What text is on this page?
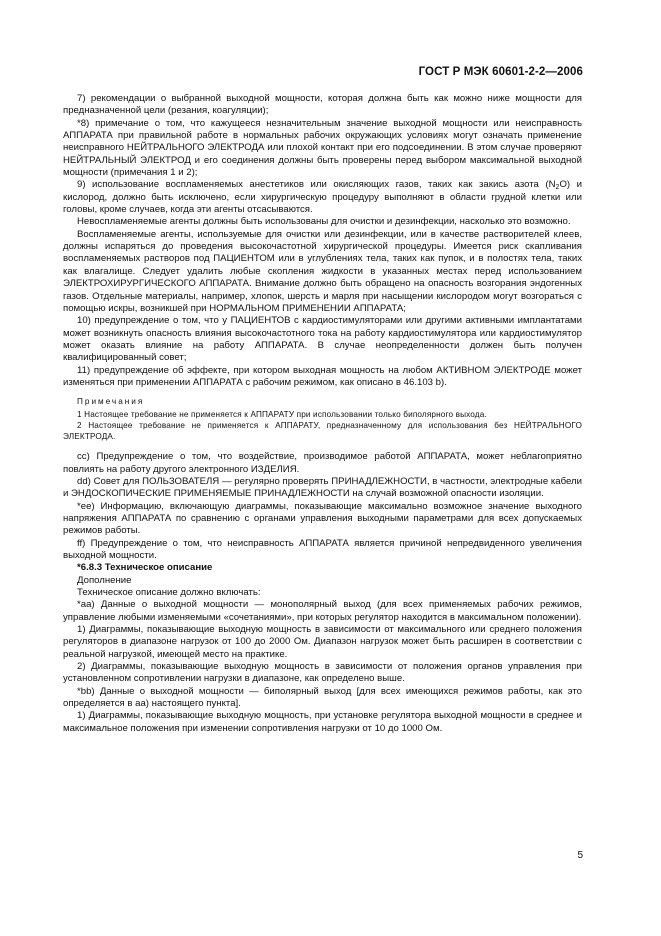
ГОСТ Р МЭК 60601-2-2—2006

7) рекомендации о выбранной выходной мощности, которая должна быть как можно ниже мощности для предназначенной цели (резания, коагуляции);

*8) примечание о том, что кажущееся незначительным значение выходной мощности или неисправность АППАРАТА при правильной работе в нормальных рабочих окружающих условиях могут означать применение неисправного НЕЙТРАЛЬНОГО ЭЛЕКТРОДА или плохой контакт при его подсоединении. В этом случае проверяют НЕЙТРАЛЬНЫЙ ЭЛЕКТРОД и его соединения должны быть проверены перед выбором максимальной выходной мощности (примечания 1 и 2);

9) использование воспламеняемых анестетиков или окисляющих газов, таких как закись азота $(N_2O)$ и кислород, должно быть исключено, если хирургическую процедуру выполняют в области грудной клетки или головы, кроме случаев, когда эти агенты отсасываются.

Невоспламеняемые агенты должны быть использованы для очистки и дезинфекции, насколько это возможно.

Воспламеняемые агенты, используемые для очистки или дезинфекции, или в качестве растворителей клеев, должны испаряться до проведения высокочастотной хирургической процедуры. Имеется риск скапливания воспламеняемых растворов под ПАЦИЕНТОМ или в углублениях тела, таких как пупок, и в полостях тела, таких как влагалище. Следует удалить любые скопления жидкости в указанных местах перед использованием ЭЛЕКТРОХИРУРГИЧЕСКОГО АППАРАТА. Внимание должно быть обращено на опасность возгорания эндогенных газов. Отдельные материалы, например, хлопок, шерсть и марля при насыщении кислородом могут возгораться с помощью искры, возникшей при НОРМАЛЬНОМ ПРИМЕНЕНИИ АППАРАТА;

10) предупреждение о том, что у ПАЦИЕНТОВ с кардиостимуляторами или другими активными имплантатами может возникнуть опасность влияния высокочастотного тока на работу кардиостимулятора или кардиостимулятор может оказать влияние на работу АППАРАТА. В случае неопределенности должен быть получен квалифицированный совет;

11) предупреждение об эффекте, при котором выходная мощность на любом АКТИВНОМ ЭЛЕКТРОДЕ может изменяться при применении АППАРАТА с рабочим режимом, как описано в 46.103 b).

Примечания

1 Настоящее требование не применяется к АППАРАТУ при использовании только биполярного выхода.

2 Настоящее требование не применяется к АППАРАТУ, предназначенному для использования без НЕЙТРАЛЬНОГО ЭЛЕКТРОДА.

cc) Предупреждение о том, что воздействие, производимое работой АППАРАТА, может неблагоприятно повлиять на работу другого электронного ИЗДЕЛИЯ.

dd) Совет для ПОЛЬЗОВАТЕЛЯ — регулярно проверять ПРИНАДЛЕЖНОСТИ, в частности, электродные кабели и ЭНДОСКОПИЧЕСКИЕ ПРИМЕНЯЕМЫЕ ПРИНАДЛЕЖНОСТИ на случай возможной опасности изоляции.

*ee) Информацию, включающую диаграммы, показывающие максимально возможное значение выходного напряжения АППАРАТА по сравнению с органами управления выходными параметрами для всех допускаемых режимов работы.

ff) Предупреждение о том, что неисправность АППАРАТА является причиной непредвиденного увеличения выходной мощности.

*6.8.3 Техническое описание

Дополнение

Техническое описание должно включать:

*aa) Данные о выходной мощности — монополярный выход (для всех применяемых рабочих режимов, управление любыми изменяемыми «сочетаниями», при которых регулятор находится в максимальном положении).

1) Диаграммы, показывающие выходную мощность в зависимости от максимального или среднего положения регуляторов в диапазоне нагрузок от 100 до 2000 Ом. Диапазон нагрузок может быть расширен в соответствии с реальной нагрузкой, имеющей место на практике.

2) Диаграммы, показывающие выходную мощность в зависимости от положения органов управления при установленном сопротивлении нагрузки в диапазоне, как определено выше.

*bb) Данные о выходной мощности — биполярный выход [для всех имеющихся режимов работы, как это определяется в аа) настоящего пункта].

1) Диаграммы, показывающие выходную мощность, при установке регулятора выходной мощности в среднее и максимальное положения при изменении сопротивления нагрузки от 10 до 1000 Ом.

5
